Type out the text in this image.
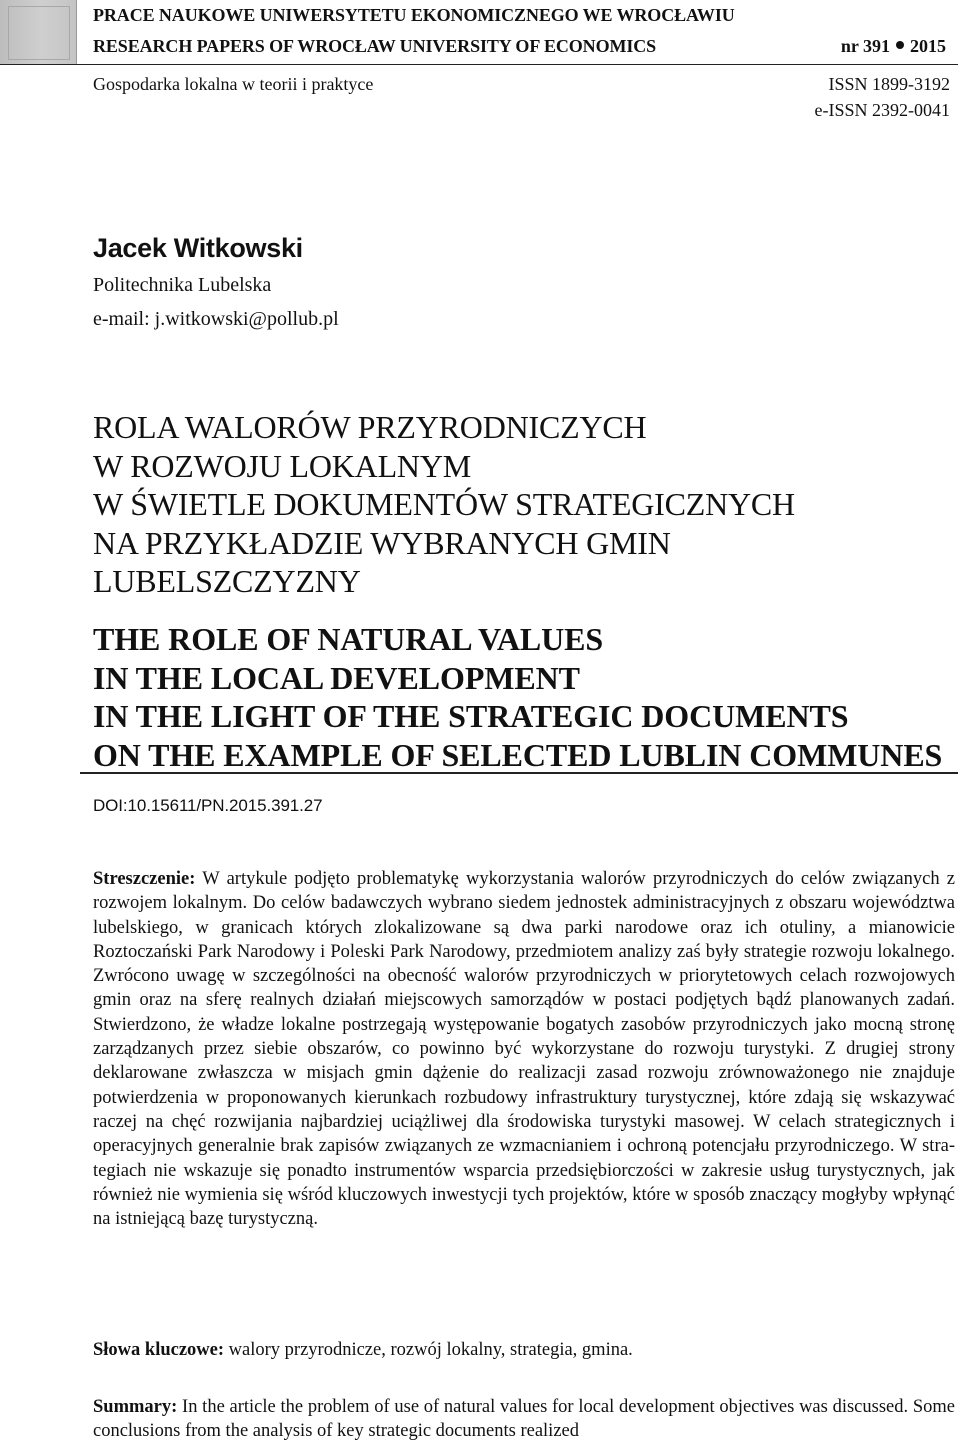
PRACE NAUKOWE UNIWERSYTETU EKONOMICZNEGO WE WROCŁAWIU
RESEARCH PAPERS OF WROCŁAW UNIVERSITY OF ECONOMICS	nr 391 2015
Gospodarka lokalna w teorii i praktyce	ISSN 1899-3192
e-ISSN 2392-0041
Jacek Witkowski
Politechnika Lubelska
e-mail: j.witkowski@pollub.pl
ROLA WALORÓW PRZYRODNICZYCH
W ROZWOJU LOKALNYM
W ŚWIETLE DOKUMENTÓW STRATEGICZNYCH
NA PRZYKŁADZIE WYBRANYCH GMIN
LUBELSZCZYZNY
THE ROLE OF NATURAL VALUES
IN THE LOCAL DEVELOPMENT
IN THE LIGHT OF THE STRATEGIC DOCUMENTS
ON THE EXAMPLE OF SELECTED LUBLIN COMMUNES
DOI:10.15611/PN.2015.391.27

Streszczenie: W artykule podjęto problematykę wykorzystania walorów przyrodniczych do celów związanych z rozwojem lokalnym. Do celów badawczych wybrano siedem jednostek administracyjnych z obszaru województwa lubelskiego, w granicach których zlokalizowane są dwa parki narodowe oraz ich otuliny, a mianowicie Roztoczański Park Narodowy i Poleski Park Narodowy, przedmiotem analizy zaś były strategie rozwoju lokalnego. Zwrócono uwagę w szczególności na obecność walorów przyrodniczych w priorytetowych celach rozwojowych gmin oraz na sferę realnych działań miejscowych samorządów w postaci podjętych bądź planowanych zadań. Stwierdzono, że władze lokalne postrzegają występowanie bogatych zasobów przyrodniczych jako mocną stronę zarządzanych przez siebie obszarów, co powinno być wykorzystane do rozwoju turystyki. Z drugiej strony deklarowane zwłaszcza w misjach gmin dążenie do realizacji zasad rozwoju zrównoważonego nie znajduje potwierdzenia w proponowanych kierunkach rozbudowy infrastruktury turystycznej, które zdają się wskazywać raczej na chęć rozwijania najbardziej uciążliwej dla środowiska turystyki masowej. W celach strategicznych i operacyjnych generalnie brak zapisów związanych ze wzmacnianiem i ochroną potencjału przyrodniczego. W strategiach nie wskazuje się ponadto instrumentów wsparcia przedsiębiorczości w zakresie usług turystycznych, jak również nie wymienia się wśród kluczowych inwestycji tych projektów, które w sposób znaczący mogłyby wpłynąć na istniejącą bazę turystyczną.

Słowa kluczowe: walory przyrodnicze, rozwój lokalny, strategia, gmina.

Summary: In the article the problem of use of natural values for local development objectives was discussed. Some conclusions from the analysis of key strategic documents realized
